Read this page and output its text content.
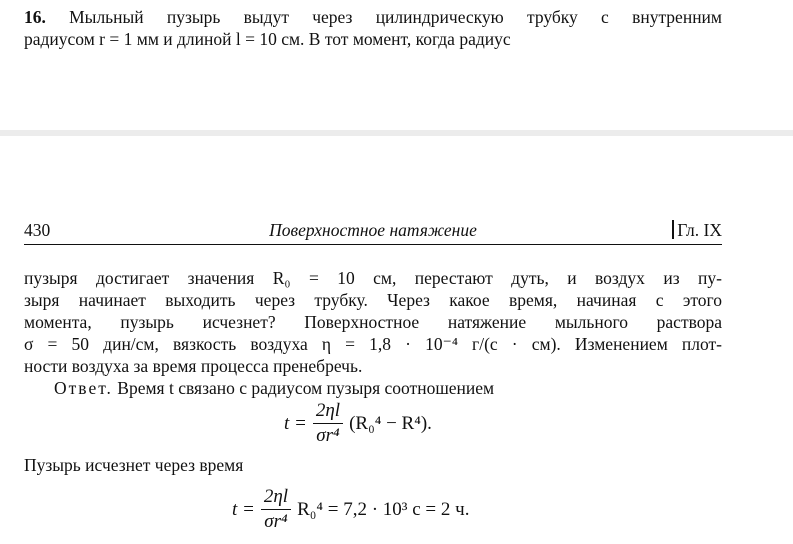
16. Мыльный пузырь выдут через цилиндрическую трубку с внутренним
радиусом r = 1 мм и длиной l = 10 см. В тот момент, когда радиус
430	Поверхностное натяжение	Гл. IX
пузыря достигает значения R₀ = 10 см, перестают дуть, и воздух из пу-
зыря начинает выходить через трубку. Через какое время, начиная с этого
момента, пузырь исчезнет? Поверхностное натяжение мыльного раствора
σ = 50 дин/см, вязкость воздуха η = 1,8 · 10⁻⁴ г/(с · см). Изменением плот-
ности воздуха за время процесса пренебречь.
Ответ. Время t связано с радиусом пузыря соотношением
$t = \frac{2\eta l}{\text{σr⁴}} (R_0^4 - R^4)$.
Пузырь исчезнет через время
$t = \frac{2\eta l}{\text{σr⁴}} R_0^4 = 7,2 \cdot 10^3$ с = 2 ч.
